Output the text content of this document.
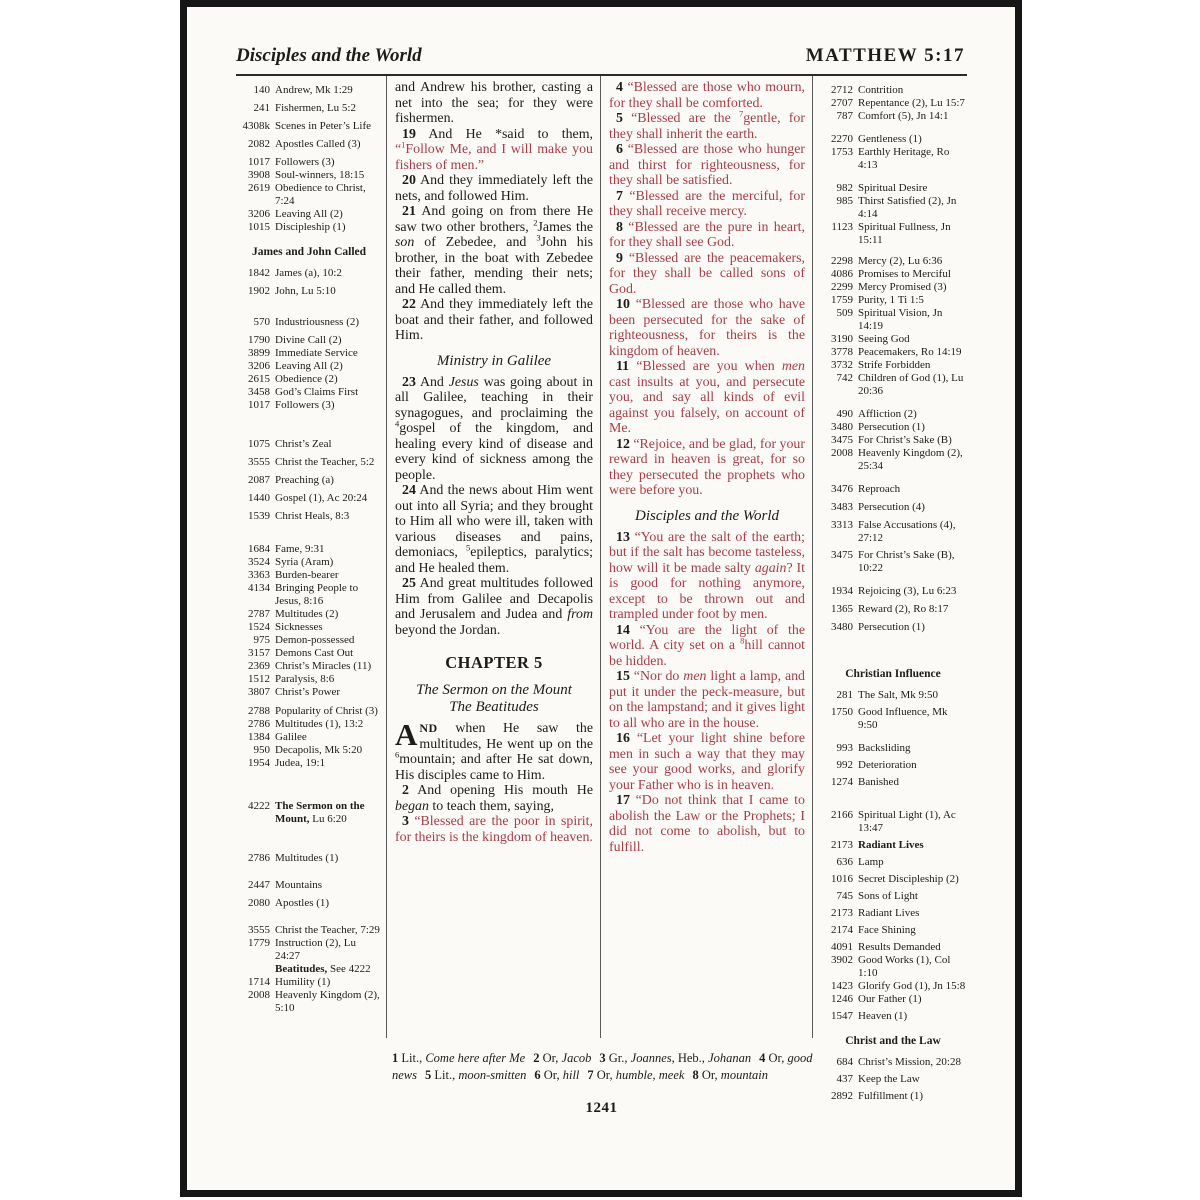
Disciples and the World	MATTHEW 5:17
140 Andrew, Mk 1:29
241 Fishermen, Lu 5:2
4308k Scenes in Peter’s Life
2082 Apostles Called (3)
1017 Followers (3)
3908 Soul-winners, 18:15
2619 Obedience to Christ, 7:24
3206 Leaving All (2)
1015 Discipleship (1)
James and John Called
1842 James (a), 10:2
1902 John, Lu 5:10
570 Industriousness (2)
1790 Divine Call (2)
3899 Immediate Service
3206 Leaving All (2)
2615 Obedience (2)
3458 God’s Claims First
1017 Followers (3)
1075 Christ’s Zeal
3555 Christ the Teacher, 5:2
2087 Preaching (a)
1440 Gospel (1), Ac 20:24
1539 Christ Heals, 8:3
1684 Fame, 9:31
3524 Syria (Aram)
3363 Burden-bearer
4134 Bringing People to Jesus, 8:16
2787 Multitudes (2)
1524 Sicknesses
975 Demon-possessed
3157 Demons Cast Out
2369 Christ’s Miracles (11)
1512 Paralysis, 8:6
3807 Christ’s Power
2788 Popularity of Christ (3)
2786 Multitudes (1), 13:2
1384 Galilee
950 Decapolis, Mk 5:20
1954 Judea, 19:1
4222 The Sermon on the Mount, Lu 6:20
2786 Multitudes (1)
2447 Mountains
2080 Apostles (1)
3555 Christ the Teacher, 7:29
1779 Instruction (2), Lu 24:27
Beatitudes, See 4222
1714 Humility (1)
2008 Heavenly Kingdom (2), 5:10

and Andrew his brother, casting a net into the sea; for they were fishermen.

19 And He *said to them, “$^1$Follow Me, and I will make you fishers of men.”

20 And they immediately left the nets, and followed Him.

21 And going on from there He saw two other brothers, $^2$James the son of Zebedee, and $^3$John his brother, in the boat with Zebedee their father, mending their nets; and He called them.

22 And they immediately left the boat and their father, and followed Him.

Ministry in Galilee

23 And Jesus was going about in all Galilee, teaching in their synagogues, and proclaiming the $^4$gospel of the kingdom, and healing every kind of disease and every kind of sickness among the people.

24 And the news about Him went out into all Syria; and they brought to Him all who were ill, taken with various diseases and pains, demoniacs, $^5$epileptics, paralytics; and He healed them.

25 And great multitudes followed Him from Galilee and Decapolis and Jerusalem and Judea and from beyond the Jordan.

CHAPTER 5

The Sermon on the Mount
The Beatitudes

AND when He saw the multitudes, He went up on the $^6$mountain; and after He sat down, His disciples came to Him.

2 And opening His mouth He began to teach them, saying,

3 “Blessed are the poor in spirit, for theirs is the kingdom of heaven.

4 “Blessed are those who mourn, for they shall be comforted.

5 “Blessed are the $^7$gentle, for they shall inherit the earth.

6 “Blessed are those who hunger and thirst for righteousness, for they shall be satisfied.

7 “Blessed are the merciful, for they shall receive mercy.

8 “Blessed are the pure in heart, for they shall see God.

9 “Blessed are the peacemakers, for they shall be called sons of God.

10 “Blessed are those who have been persecuted for the sake of righteousness, for theirs is the kingdom of heaven.

11 “Blessed are you when men cast insults at you, and persecute you, and say all kinds of evil against you falsely, on account of Me.

12 “Rejoice, and be glad, for your reward in heaven is great, for so they persecuted the prophets who were before you.

Disciples and the World

13 “You are the salt of the earth; but if the salt has become tasteless, how will it be made salty again? It is good for nothing anymore, except to be thrown out and trampled under foot by men.

14 “You are the light of the world. A city set on a $^8$hill cannot be hidden.

15 “Nor do men light a lamp, and put it under the peck-measure, but on the lampstand; and it gives light to all who are in the house.

16 “Let your light shine before men in such a way that they may see your good works, and glorify your Father who is in heaven.

17 “Do not think that I came to abolish the Law or the Prophets; I did not come to abolish, but to fulfill.

2712 Contrition
2707 Repentance (2), Lu 15:7
787 Comfort (5), Jn 14:1
2270 Gentleness (1)
1753 Earthly Heritage, Ro 4:13
982 Spiritual Desire
985 Thirst Satisfied (2), Jn 4:14
1123 Spiritual Fullness, Jn 15:11
2298 Mercy (2), Lu 6:36
4086 Promises to Merciful
2299 Mercy Promised (3)
1759 Purity, 1 Ti 1:5
509 Spiritual Vision, Jn 14:19
3190 Seeing God
3778 Peacemakers, Ro 14:19
3732 Strife Forbidden
742 Children of God (1), Lu 20:36
490 Affliction (2)
3480 Persecution (1)
3475 For Christ’s Sake (B)
2008 Heavenly Kingdom (2), 25:34
3476 Reproach
3483 Persecution (4)
3313 False Accusations (4), 27:12
3475 For Christ’s Sake (B), 10:22
1934 Rejoicing (3), Lu 6:23
1365 Reward (2), Ro 8:17
3480 Persecution (1)
Christian Influence
281 The Salt, Mk 9:50
1750 Good Influence, Mk 9:50
993 Backsliding
992 Deterioration
1274 Banished
2166 Spiritual Light (1), Ac 13:47
2173 Radiant Lives
636 Lamp
1016 Secret Discipleship (2)
745 Sons of Light
2173 Radiant Lives
2174 Face Shining
4091 Results Demanded
3902 Good Works (1), Col 1:10
1423 Glorify God (1), Jn 15:8
1246 Our Father (1)
1547 Heaven (1)
Christ and the Law
684 Christ’s Mission, 20:28
437 Keep the Law
2892 Fulfillment (1)
1 Lit., Come here after Me 2 Or, Jacob 3 Gr., Joannes, Heb., Johanan 4 Or, good news 5 Lit., moon-smitten 6 Or, hill 7 Or, humble, meek 8 Or, mountain
1241
